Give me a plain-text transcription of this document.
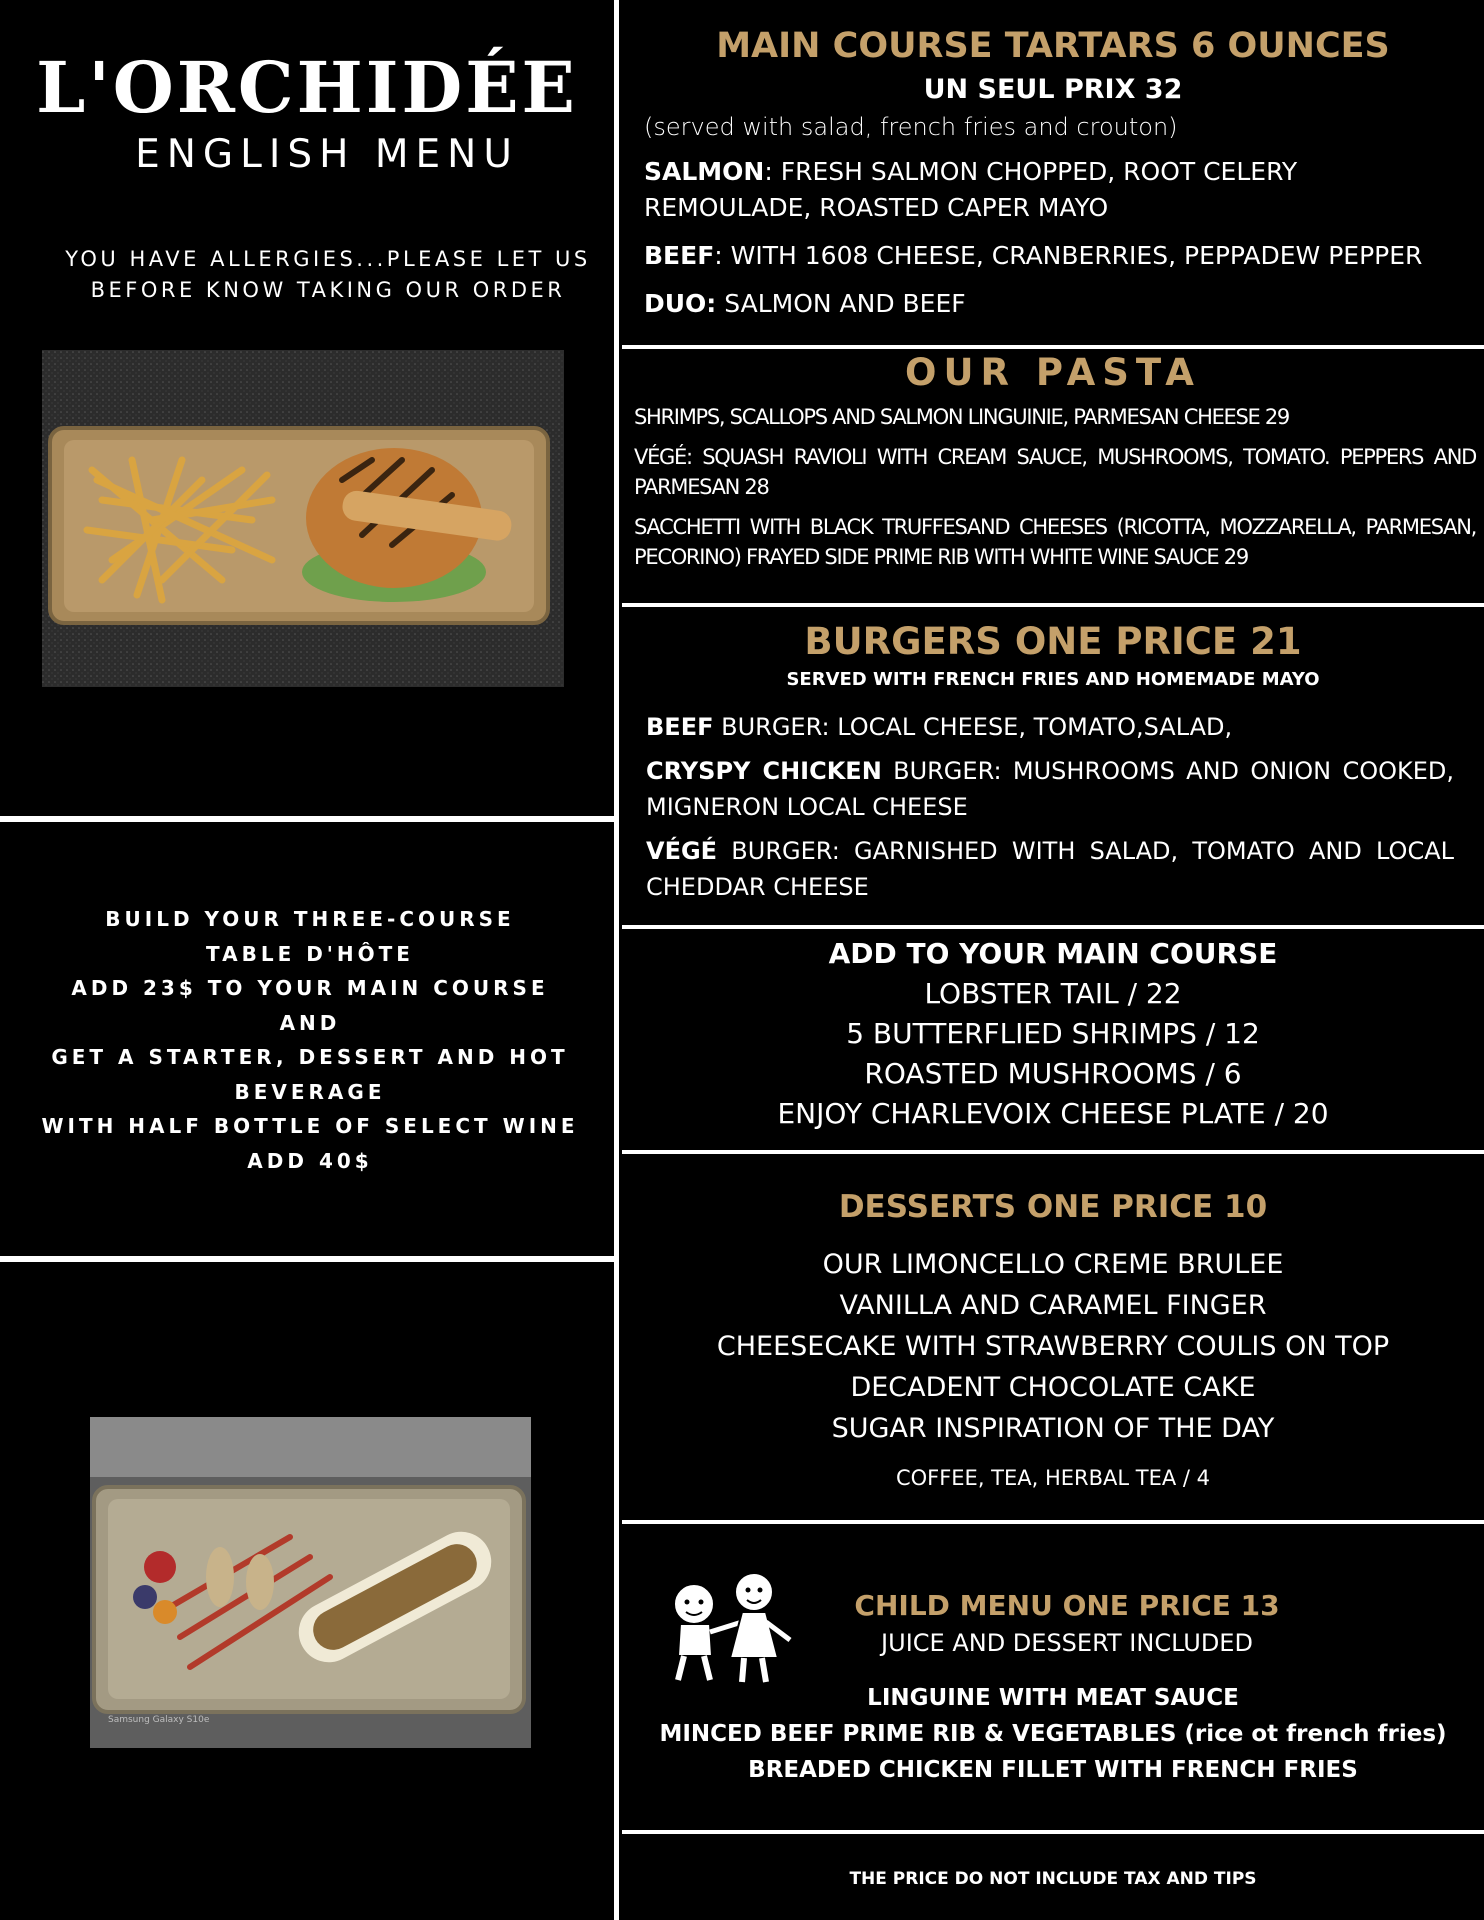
L'ORCHIDÉE
ENGLISH MENU
YOU HAVE ALLERGIES...PLEASE LET US BEFORE KNOW TAKING OUR ORDER
BUILD YOUR THREE-COURSE
TABLE D'HÔTE
ADD 23$ TO YOUR MAIN COURSE AND
GET A STARTER, DESSERT AND HOT
BEVERAGE
WITH HALF BOTTLE OF SELECT WINE
ADD 40$
Samsung Galaxy S10e
MAIN COURSE TARTARS 6 OUNCES
UN SEUL PRIX 32
(served with salad, french fries and crouton)
SALMON: FRESH SALMON CHOPPED, ROOT CELERY REMOULADE, ROASTED CAPER MAYO
BEEF: WITH 1608 CHEESE, CRANBERRIES, PEPPADEW PEPPER
DUO: SALMON AND BEEF
OUR PASTA
SHRIMPS, SCALLOPS AND SALMON LINGUINIE, PARMESAN CHEESE 29
VÉGÉ: SQUASH RAVIOLI WITH CREAM SAUCE, MUSHROOMS, TOMATO. PEPPERS AND PARMESAN 28
SACCHETTI WITH BLACK TRUFFESAND CHEESES (RICOTTA, MOZZARELLA, PARMESAN, PECORINO) FRAYED SIDE PRIME RIB WITH WHITE WINE SAUCE 29
BURGERS ONE PRICE 21
SERVED WITH FRENCH FRIES AND HOMEMADE MAYO
BEEF BURGER: LOCAL CHEESE, TOMATO,SALAD,
CRYSPY CHICKEN BURGER: MUSHROOMS AND ONION COOKED, MIGNERON LOCAL CHEESE
VÉGÉ BURGER: GARNISHED WITH SALAD, TOMATO AND LOCAL CHEDDAR CHEESE
ADD TO YOUR MAIN COURSE
LOBSTER TAIL / 22
5 BUTTERFLIED SHRIMPS / 12
ROASTED MUSHROOMS / 6
ENJOY CHARLEVOIX CHEESE PLATE / 20
DESSERTS ONE PRICE 10
OUR LIMONCELLO CREME BRULEE
VANILLA AND CARAMEL FINGER
CHEESECAKE WITH STRAWBERRY COULIS ON TOP
DECADENT CHOCOLATE CAKE
SUGAR INSPIRATION OF THE DAY
COFFEE, TEA, HERBAL TEA / 4
CHILD MENU ONE PRICE 13
JUICE AND DESSERT INCLUDED
LINGUINE WITH MEAT SAUCE
MINCED BEEF PRIME RIB & VEGETABLES (rice ot french fries)
BREADED CHICKEN FILLET WITH FRENCH FRIES
THE PRICE DO NOT INCLUDE TAX AND TIPS
